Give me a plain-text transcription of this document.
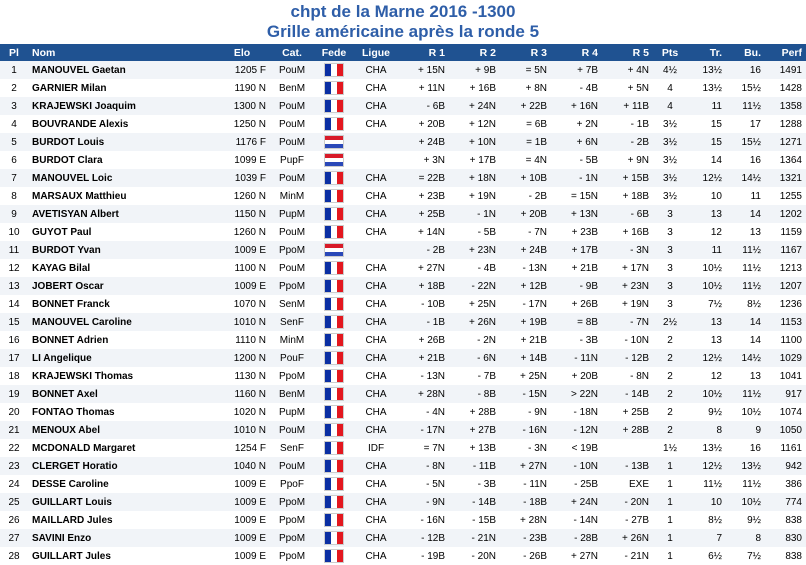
chpt de la Marne 2016 -1300
Grille américaine après la ronde 5
Pl	Nom	Elo	Cat.	Fede	Ligue	R 1	R 2	R 3	R 4	R 5	Pts	Tr.	Bu.	Perf
1	MANOUVEL Gaetan	1205 F	PouM		CHA	+ 15N	+ 9B	= 5N	+ 7B	+ 4N	4½	13½	16	1491
2	GARNIER Milan	1190 N	BenM		CHA	+ 11N	+ 16B	+ 8N	- 4B	+ 5N	4	13½	15½	1428
3	KRAJEWSKI Joaquim	1300 N	PouM		CHA	- 6B	+ 24N	+ 22B	+ 16N	+ 11B	4	11	11½	1358
4	BOUVRANDE Alexis	1250 N	PouM		CHA	+ 20B	+ 12N	= 6B	+ 2N	- 1B	3½	15	17	1288
5	BURDOT Louis	1176 F	PouM			+ 24B	+ 10N	= 1B	+ 6N	- 2B	3½	15	15½	1271
6	BURDOT Clara	1099 E	PupF			+ 3N	+ 17B	= 4N	- 5B	+ 9N	3½	14	16	1364
7	MANOUVEL Loic	1039 F	PouM		CHA	= 22B	+ 18N	+ 10B	- 1N	+ 15B	3½	12½	14½	1321
8	MARSAUX Matthieu	1260 N	MinM		CHA	+ 23B	+ 19N	- 2B	= 15N	+ 18B	3½	10	11	1255
9	AVETISYAN Albert	1150 N	PupM		CHA	+ 25B	- 1N	+ 20B	+ 13N	- 6B	3	13	14	1202
10	GUYOT Paul	1260 N	PouM		CHA	+ 14N	- 5B	- 7N	+ 23B	+ 16B	3	12	13	1159
11	BURDOT Yvan	1009 E	PpoM			- 2B	+ 23N	+ 24B	+ 17B	- 3N	3	11	11½	1167
12	KAYAG Bilal	1100 N	PouM		CHA	+ 27N	- 4B	- 13N	+ 21B	+ 17N	3	10½	11½	1213
13	JOBERT Oscar	1009 E	PpoM		CHA	+ 18B	- 22N	+ 12B	- 9B	+ 23N	3	10½	11½	1207
14	BONNET Franck	1070 N	SenM		CHA	- 10B	+ 25N	- 17N	+ 26B	+ 19N	3	7½	8½	1236
15	MANOUVEL Caroline	1010 N	SenF		CHA	- 1B	+ 26N	+ 19B	= 8B	- 7N	2½	13	14	1153
16	BONNET Adrien	1110 N	MinM		CHA	+ 26B	- 2N	+ 21B	- 3B	- 10N	2	13	14	1100
17	LI Angelique	1200 N	PouF		CHA	+ 21B	- 6N	+ 14B	- 11N	- 12B	2	12½	14½	1029
18	KRAJEWSKI Thomas	1130 N	PpoM		CHA	- 13N	- 7B	+ 25N	+ 20B	- 8N	2	12	13	1041
19	BONNET Axel	1160 N	BenM		CHA	+ 28N	- 8B	- 15N	> 22N	- 14B	2	10½	11½	917
20	FONTAO Thomas	1020 N	PupM		CHA	- 4N	+ 28B	- 9N	- 18N	+ 25B	2	9½	10½	1074
21	MENOUX Abel	1010 N	PouM		CHA	- 17N	+ 27B	- 16N	- 12N	+ 28B	2	8	9	1050
22	MCDONALD Margaret	1254 F	SenF		IDF	= 7N	+ 13B	- 3N	< 19B		1½	13½	16	1161
23	CLERGET Horatio	1040 N	PouM		CHA	- 8N	- 11B	+ 27N	- 10N	- 13B	1	12½	13½	942
24	DESSE Caroline	1009 E	PpoF		CHA	- 5N	- 3B	- 11N	- 25B	EXE	1	11½	11½	386
25	GUILLART Louis	1009 E	PpoM		CHA	- 9N	- 14B	- 18B	+ 24N	- 20N	1	10	10½	774
26	MAILLARD Jules	1009 E	PpoM		CHA	- 16N	- 15B	+ 28N	- 14N	- 27B	1	8½	9½	838
27	SAVINI Enzo	1009 E	PpoM		CHA	- 12B	- 21N	- 23B	- 28B	+ 26N	1	7	8	830
28	GUILLART Jules	1009 E	PpoM		CHA	- 19B	- 20N	- 26B	+ 27N	- 21N	1	6½	7½	838
